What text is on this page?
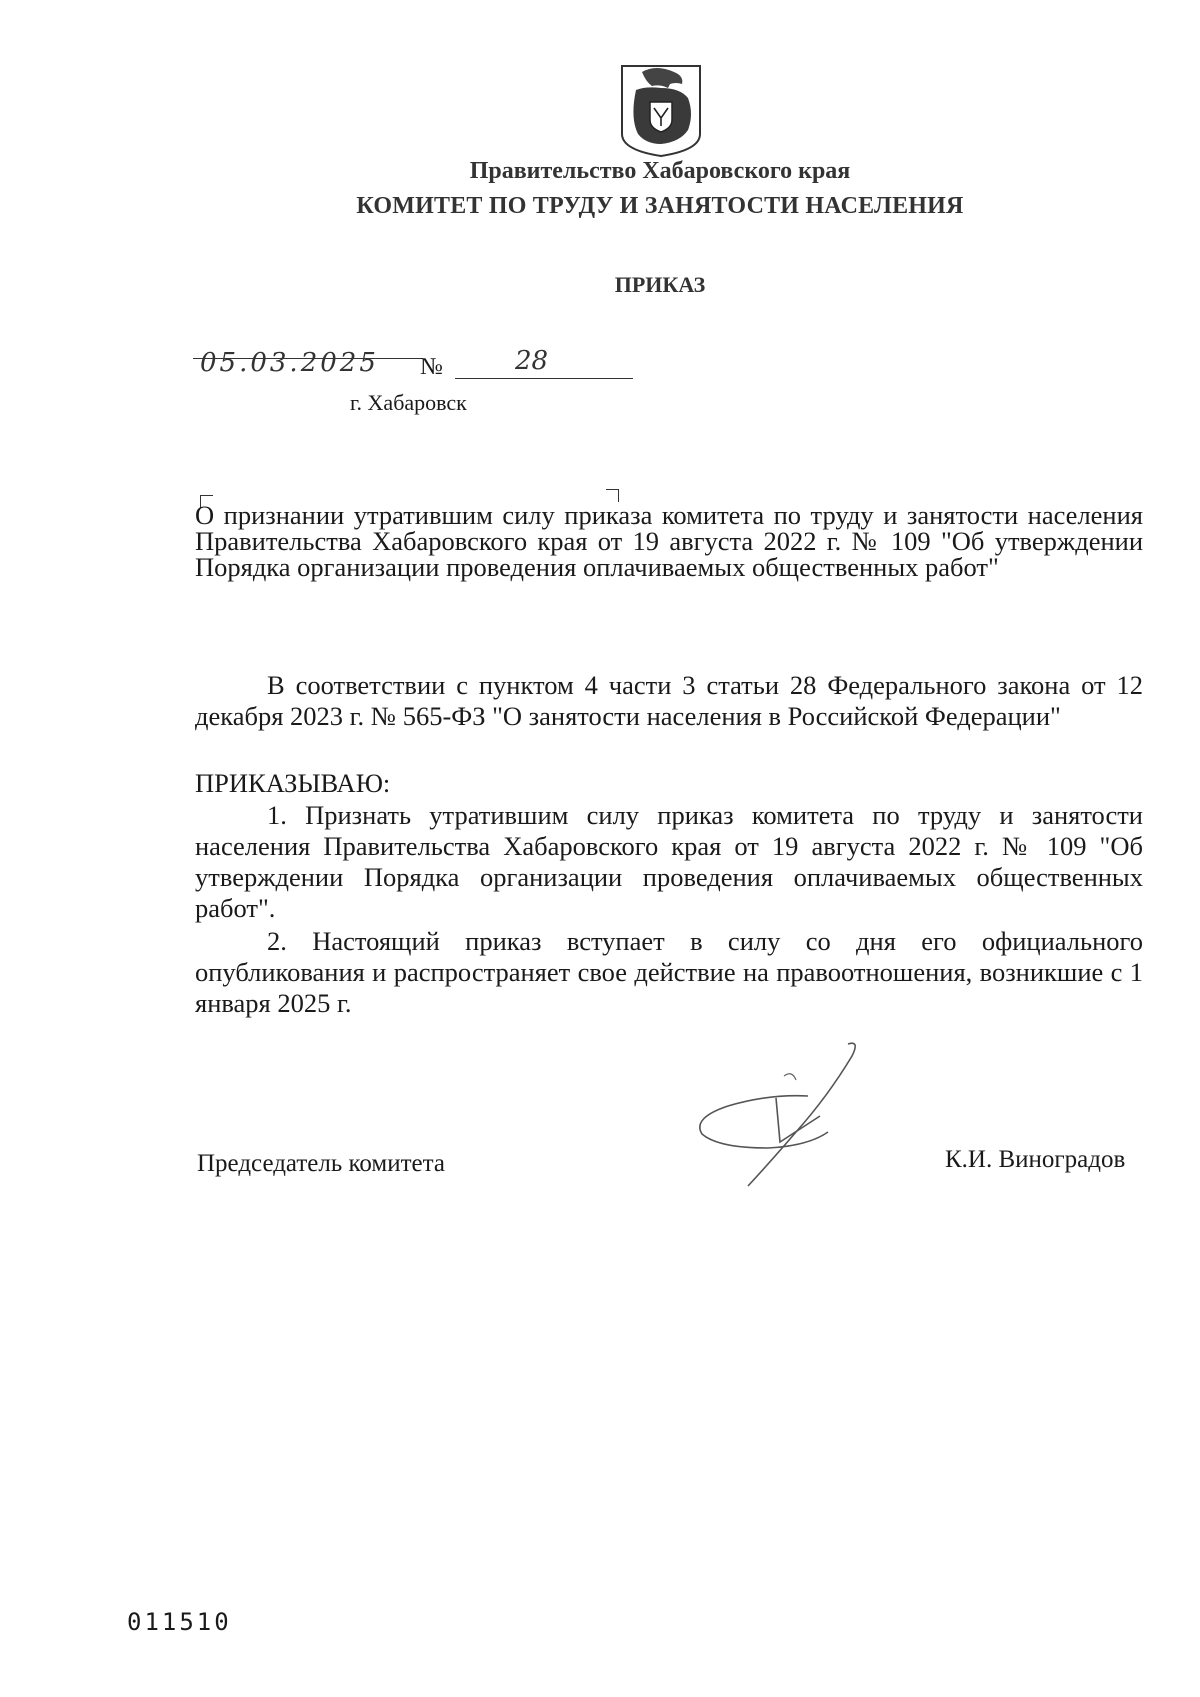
Правительство Хабаровского края
КОМИТЕТ ПО ТРУДУ И ЗАНЯТОСТИ НАСЕЛЕНИЯ
ПРИКАЗ
05.03.2025 №	28
г. Хабаровск
О признании утратившим силу приказа комитета по труду и занятости населения Правительства Хабаровского края от 19 августа 2022 г. № 109 "Об утверждении Порядка организации проведения оплачиваемых общественных работ"
В соответствии с пунктом 4 части 3 статьи 28 Федерального закона от 12 декабря 2023 г. № 565-ФЗ "О занятости населения в Российской Федерации"
ПРИКАЗЫВАЮ:
1. Признать утратившим силу приказ комитета по труду и занятости населения Правительства Хабаровского края от 19 августа 2022 г. № 109 "Об утверждении Порядка организации проведения оплачиваемых общественных работ".
2. Настоящий приказ вступает в силу со дня его официального опубликования и распространяет свое действие на правоотношения, возникшие с 1 января 2025 г.
Председатель комитета	К.И. Виноградов
011510
